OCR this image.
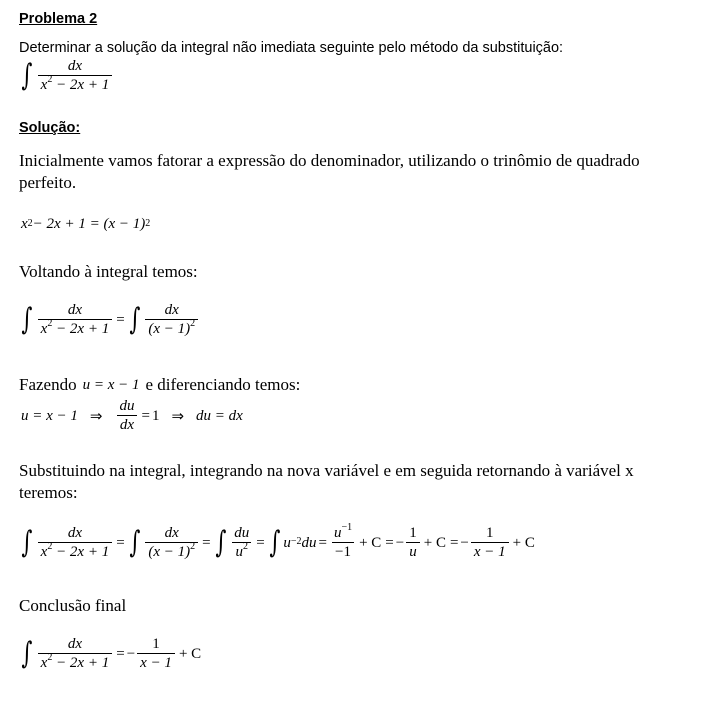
Problema 2
Determinar a solução da integral não imediata seguinte pelo método da substituição:
∫ $\frac{dx}{x^2 - 2x + 1}$
Solução:
Inicialmente vamos fatorar a expressão do denominador, utilizando o trinômio de quadrado perfeito.
$x^2 - 2x + 1 = (x - 1)^2$
Voltando à integral temos:
∫ $\frac{dx}{x^2 - 2x + 1}$ = ∫ $\frac{dx}{(x - 1)^2}$
Fazendo u = x − 1 e diferenciando temos:
u = x − 1 ⇒ $\frac{du}{dx} = 1$ ⇒ du = dx
Substituindo na integral, integrando na nova variável e em seguida retornando à variável x teremos:
∫ $\frac{dx}{x^2 - 2x + 1}$ = ∫ $\frac{dx}{(x - 1)^2}$ = ∫ $\frac{du}{u^2}$ = ∫ $u^{-2}$ du = $\frac{u^{-1}}{-1} + C$ = − $\frac{1}{u} + C$ = − $\frac{1}{x - 1} + C$
Conclusão final
∫ $\frac{dx}{x^2 - 2x + 1}$ = − $\frac{1}{x - 1} + C$
